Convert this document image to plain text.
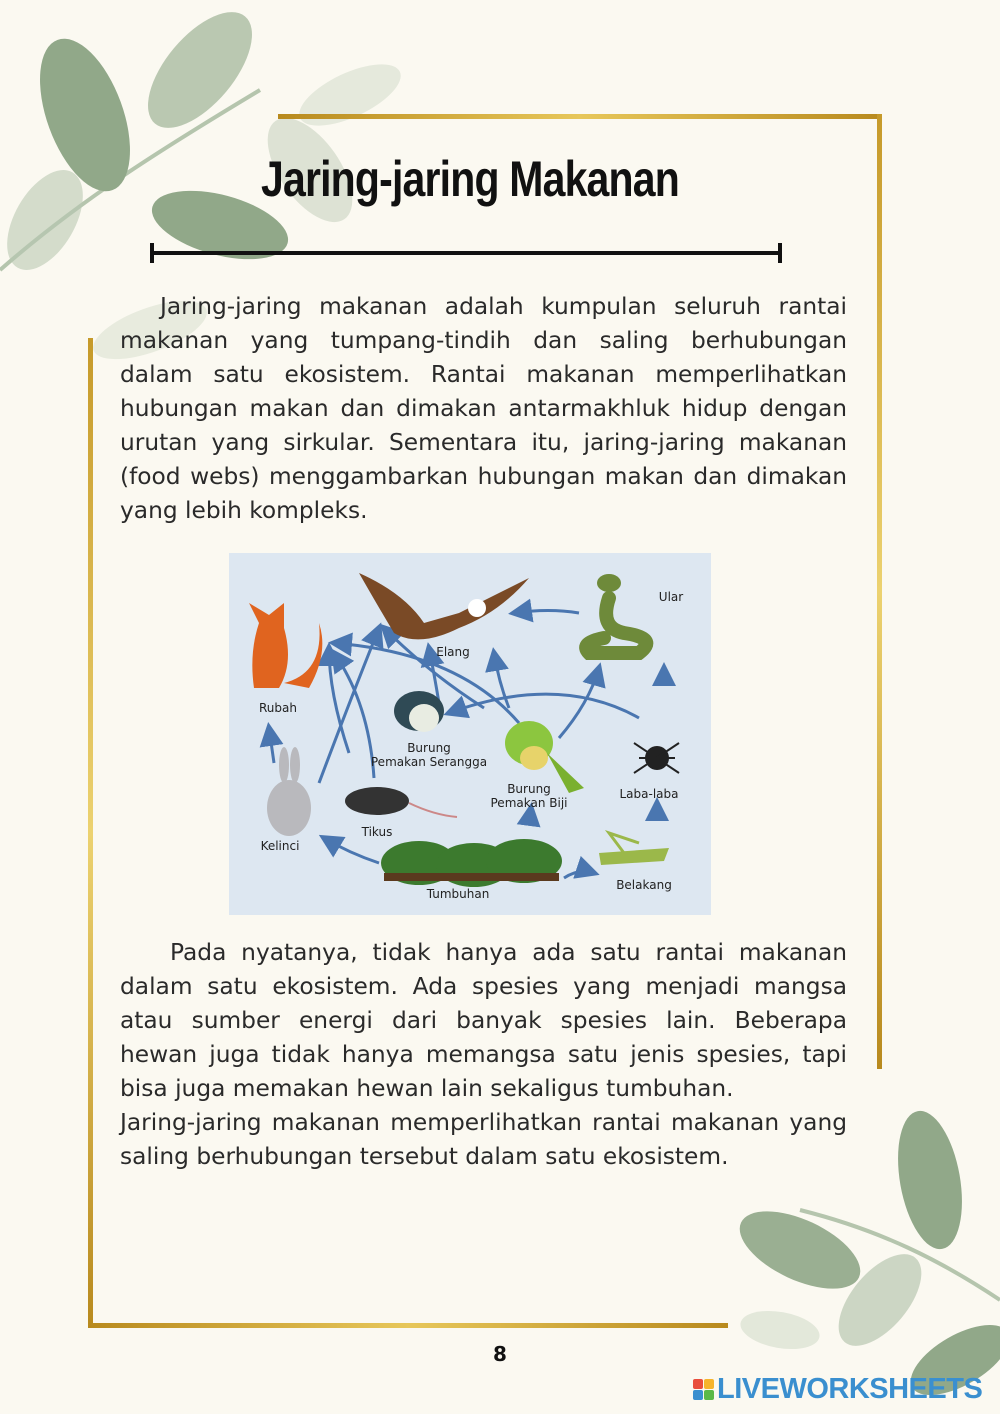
Jaring-jaring Makanan

Jaring-jaring makanan adalah kumpulan seluruh rantai makanan yang tumpang-tindih dan saling berhubungan dalam satu ekosistem. Rantai makanan memperlihatkan hubungan makan dan dimakan antarmakhluk hidup dengan urutan yang sirkular. Sementara itu, jaring-jaring makanan (food webs) menggambarkan hubungan makan dan dimakan yang lebih kompleks.

Ular
Elang
Rubah
Burung
Pemakan Serangga
Burung
Pemakan Biji
Laba-laba
Tikus
Kelinci
Tumbuhan
Belakang

Pada nyatanya, tidak hanya ada satu rantai makanan dalam satu ekosistem. Ada spesies yang menjadi mangsa atau sumber energi dari banyak spesies lain. Beberapa hewan juga tidak hanya memangsa satu jenis spesies, tapi bisa juga memakan hewan lain sekaligus tumbuhan.

Jaring-jaring makanan memperlihatkan rantai makanan yang saling berhubungan tersebut dalam satu ekosistem.

8
LIVEWORKSHEETS
